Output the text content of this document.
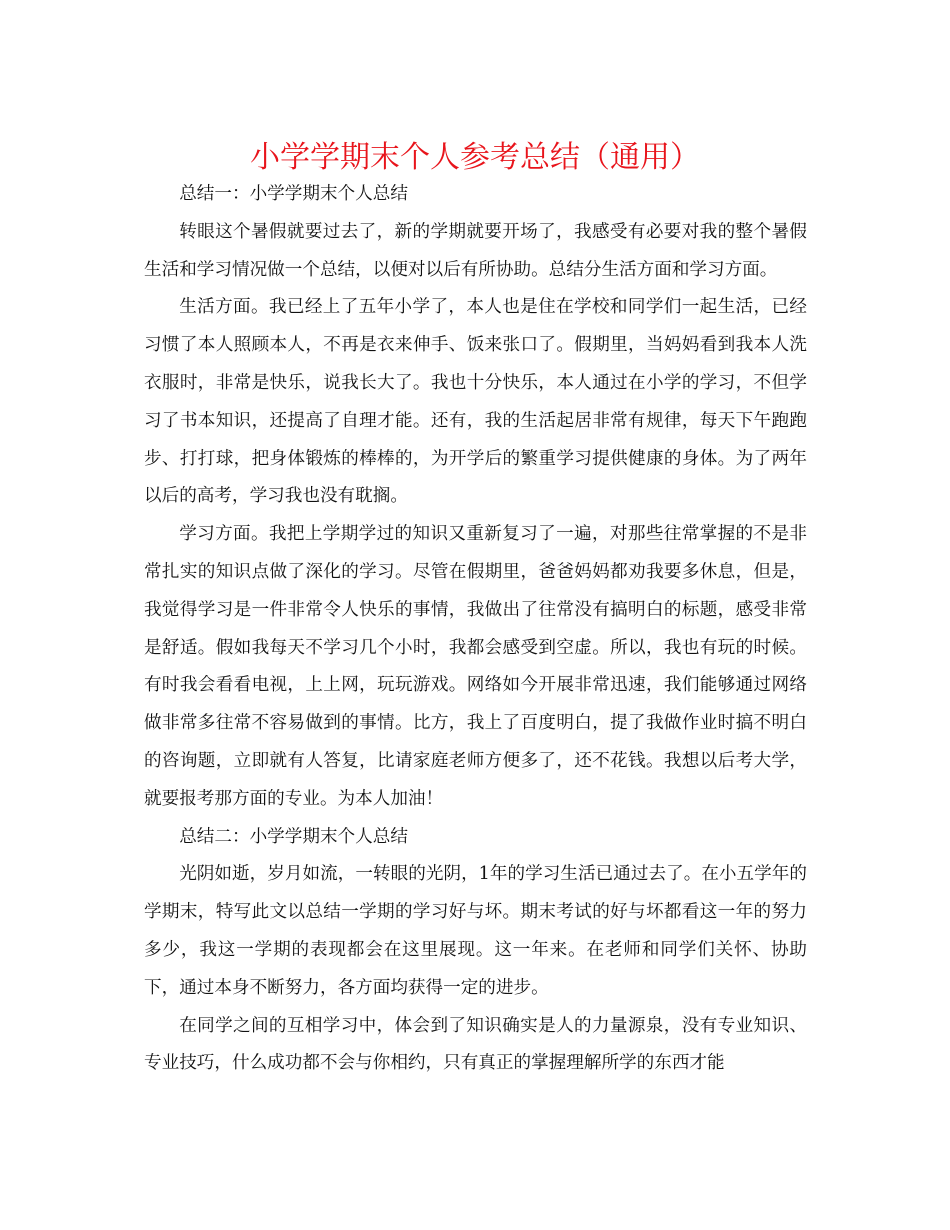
小学学期末个人参考总结（通用）

总结一：小学学期末个人总结

转眼这个暑假就要过去了，新的学期就要开场了，我感受有必要对我的整个暑假生活和学习情况做一个总结，以便对以后有所协助。总结分生活方面和学习方面。

生活方面。我已经上了五年小学了，本人也是住在学校和同学们一起生活，已经习惯了本人照顾本人，不再是衣来伸手、饭来张口了。假期里，当妈妈看到我本人洗衣服时，非常是快乐，说我长大了。我也十分快乐，本人通过在小学的学习，不但学习了书本知识，还提高了自理才能。还有，我的生活起居非常有规律，每天下午跑跑步、打打球，把身体锻炼的棒棒的，为开学后的繁重学习提供健康的身体。为了两年以后的高考，学习我也没有耽搁。

学习方面。我把上学期学过的知识又重新复习了一遍，对那些往常掌握的不是非常扎实的知识点做了深化的学习。尽管在假期里，爸爸妈妈都劝我要多休息，但是，我觉得学习是一件非常令人快乐的事情，我做出了往常没有搞明白的标题，感受非常是舒适。假如我每天不学习几个小时，我都会感受到空虚。所以，我也有玩的时候。有时我会看看电视，上上网，玩玩游戏。网络如今开展非常迅速，我们能够通过网络做非常多往常不容易做到的事情。比方，我上了百度明白，提了我做作业时搞不明白的咨询题，立即就有人答复，比请家庭老师方便多了，还不花钱。我想以后考大学，就要报考那方面的专业。为本人加油！

总结二：小学学期末个人总结

光阴如逝，岁月如流，一转眼的光阴，1年的学习生活已通过去了。在小五学年的学期末，特写此文以总结一学期的学习好与坏。期末考试的好与坏都看这一年的努力多少，我这一学期的表现都会在这里展现。这一年来。在老师和同学们关怀、协助下，通过本身不断努力，各方面均获得一定的进步。

在同学之间的互相学习中，体会到了知识确实是人的力量源泉，没有专业知识、专业技巧，什么成功都不会与你相约，只有真正的掌握理解所学的东西才能
